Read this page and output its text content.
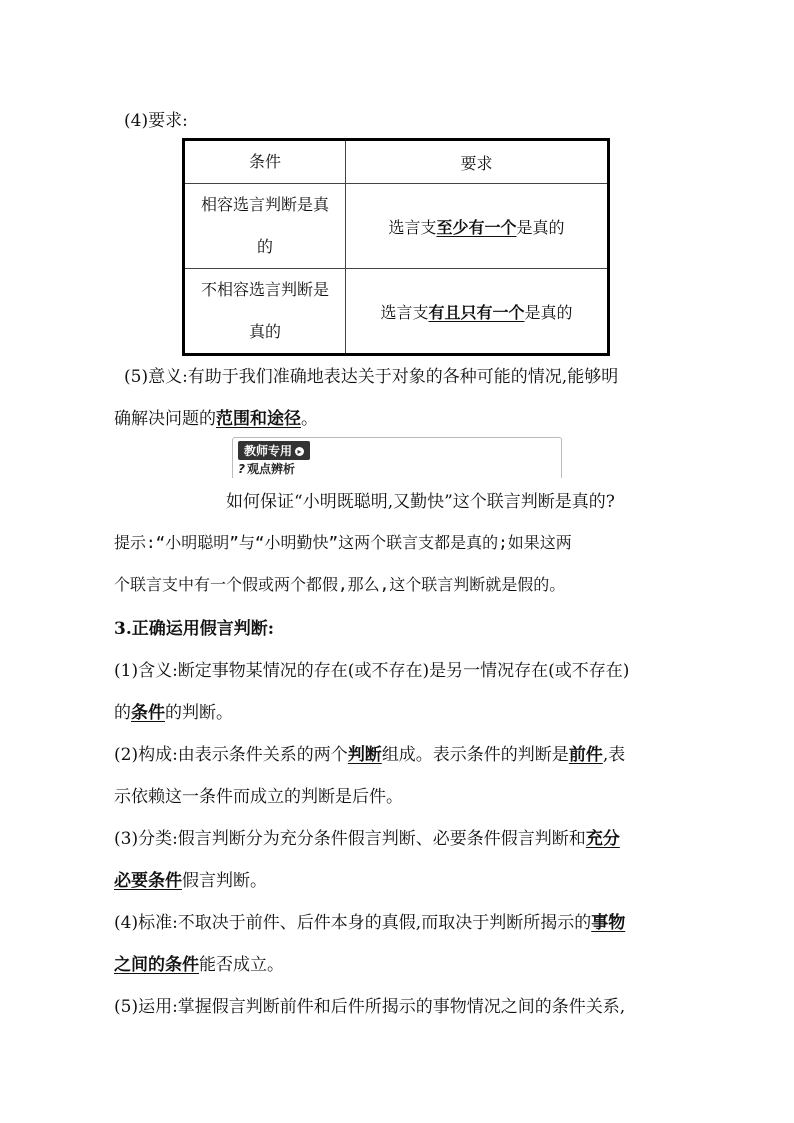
(4)要求:
条件	要求

相容选言判断是真
的	选言支至少有一个是真的

不相容选言判断是
真的	选言支有且只有一个是真的
(5)意义:有助于我们准确地表达关于对象的各种可能的情况,能够明
确解决问题的范围和途径。
教师专用 ▸
? 观点辨析
如何保证“小明既聪明,又勤快”这个联言判断是真的?
提示:“小明聪明”与“小明勤快”这两个联言支都是真的;如果这两
个联言支中有一个假或两个都假,那么,这个联言判断就是假的。
3.正确运用假言判断:
(1)含义:断定事物某情况的存在(或不存在)是另一情况存在(或不存在)
的条件的判断。
(2)构成:由表示条件关系的两个判断组成。表示条件的判断是前件,表
示依赖这一条件而成立的判断是后件。
(3)分类:假言判断分为充分条件假言判断、必要条件假言判断和充分
必要条件假言判断。
(4)标准:不取决于前件、后件本身的真假,而取决于判断所揭示的事物
之间的条件能否成立。
(5)运用:掌握假言判断前件和后件所揭示的事物情况之间的条件关系,
